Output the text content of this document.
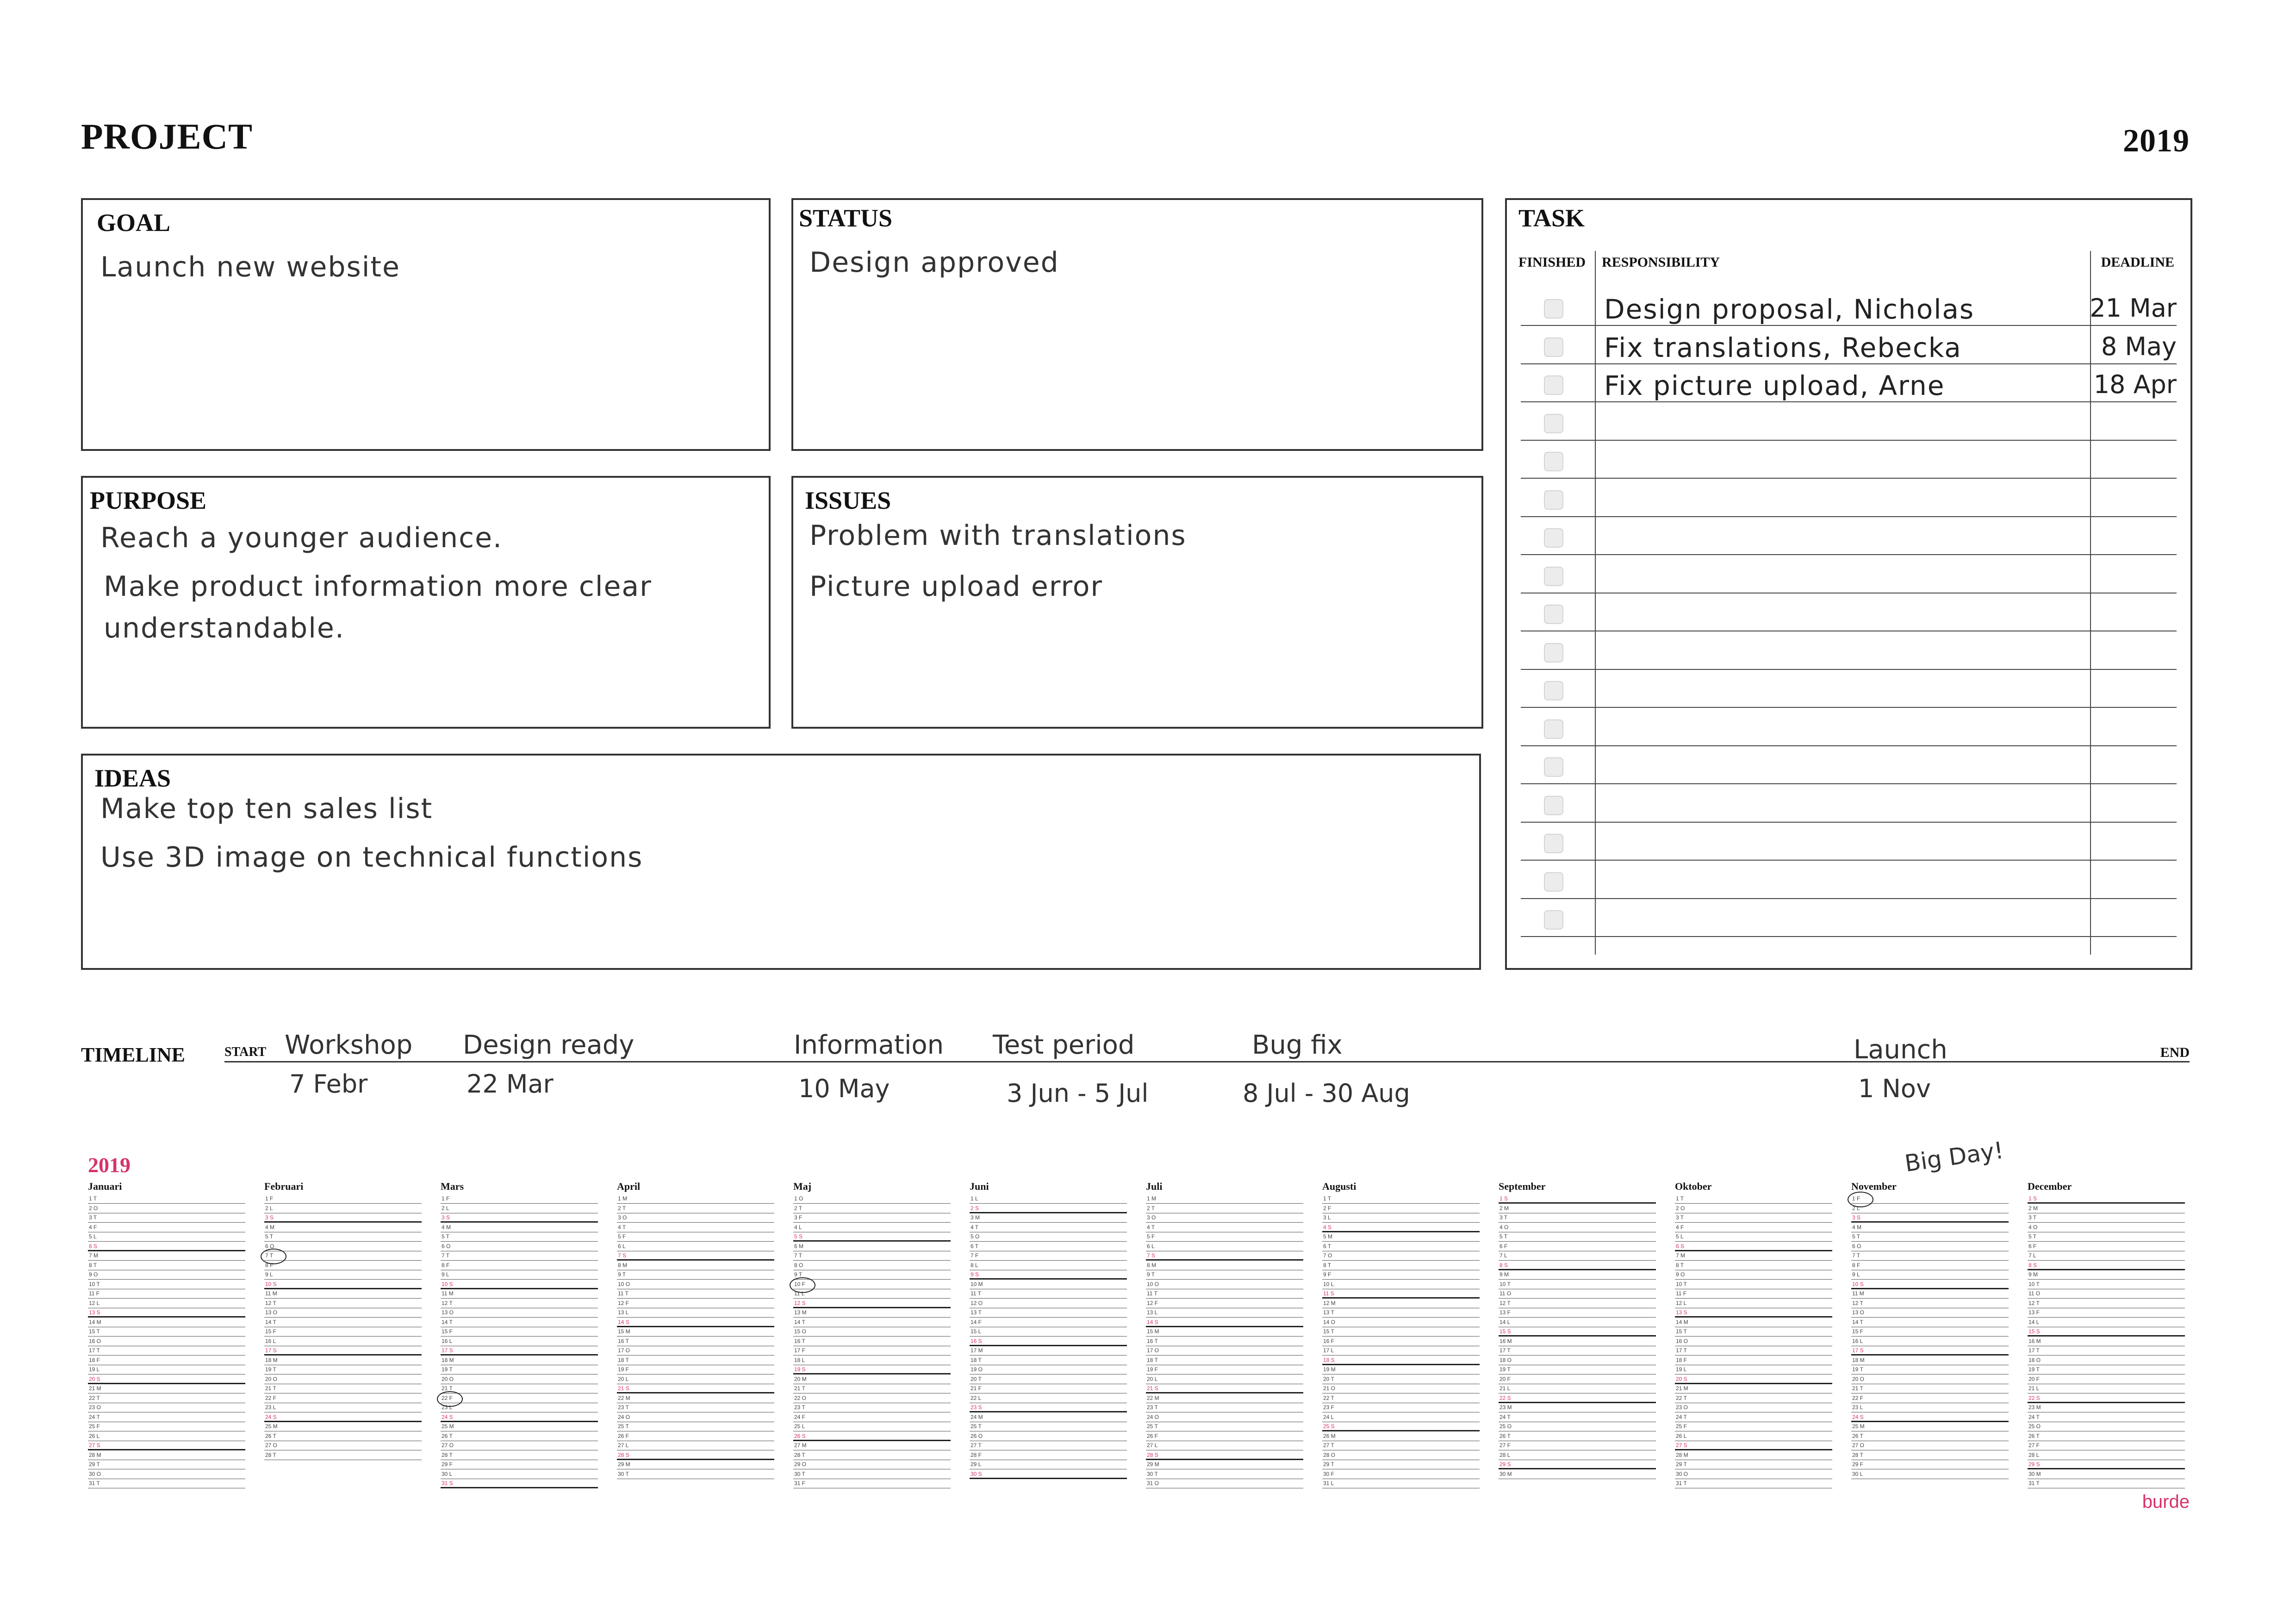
PROJECT	2019
GOAL
Launch new website
STATUS
Design approved
PURPOSE
Reach a younger audience.
Make product information more clear
understandable.
ISSUES
Problem with translations
Picture upload error
IDEAS
Make top ten sales list
Use 3D image on technical functions
TASK
FINISHED RESPONSIBILITY	DEADLINE
Design proposal, Nicholas	21 Mar
Fix translations, Rebecka	8 May
Fix picture upload, Arne	18 Apr
TIMELINE	START	END
Workshop
7 Febr
Design ready
22 Mar
Information
10 May
Test period
3 Jun - 5 Jul
Bug fix
8 Jul - 30 Aug
Launch
1 Nov
2019
Januari
1 T
2 O
3 T
4 F
5 L
6 S
7 M
8 T
9 O
10 T
11 F
12 L
13 S
14 M
15 T
16 O
17 T
18 F
19 L
20 S
21 M
22 T
23 O
24 T
25 F
26 L
27 S
28 M
29 T
30 O
31 T
Februari
1 F
2 L
3 S
4 M
5 T
6 O
7 T
8 F
9 L
10 S
11 M
12 T
13 O
14 T
15 F
16 L
17 S
18 M
19 T
20 O
21 T
22 F
23 L
24 S
25 M
26 T
27 O
28 T
Mars
1 F
2 L
3 S
4 M
5 T
6 O
7 T
8 F
9 L
10 S
11 M
12 T
13 O
14 T
15 F
16 L
17 S
18 M
19 T
20 O
21 T
22 F
23 L
24 S
25 M
26 T
27 O
28 T
29 F
30 L
31 S
April
1 M
2 T
3 O
4 T
5 F
6 L
7 S
8 M
9 T
10 O
11 T
12 F
13 L
14 S
15 M
16 T
17 O
18 T
19 F
20 L
21 S
22 M
23 T
24 O
25 T
26 F
27 L
28 S
29 M
30 T
Maj
1 O
2 T
3 F
4 L
5 S
6 M
7 T
8 O
9 T
10 F
11 L
12 S
13 M
14 T
15 O
16 T
17 F
18 L
19 S
20 M
21 T
22 O
23 T
24 F
25 L
26 S
27 M
28 T
29 O
30 T
31 F
Juni
1 L
2 S
3 M
4 T
5 O
6 T
7 F
8 L
9 S
10 M
11 T
12 O
13 T
14 F
15 L
16 S
17 M
18 T
19 O
20 T
21 F
22 L
23 S
24 M
25 T
26 O
27 T
28 F
29 L
30 S
Juli
1 M
2 T
3 O
4 T
5 F
6 L
7 S
8 M
9 T
10 O
11 T
12 F
13 L
14 S
15 M
16 T
17 O
18 T
19 F
20 L
21 S
22 M
23 T
24 O
25 T
26 F
27 L
28 S
29 M
30 T
31 O
Augusti
1 T
2 F
3 L
4 S
5 M
6 T
7 O
8 T
9 F
10 L
11 S
12 M
13 T
14 O
15 T
16 F
17 L
18 S
19 M
20 T
21 O
22 T
23 F
24 L
25 S
26 M
27 T
28 O
29 T
30 F
31 L
September
1 S
2 M
3 T
4 O
5 T
6 F
7 L
8 S
9 M
10 T
11 O
12 T
13 F
14 L
15 S
16 M
17 T
18 O
19 T
20 F
21 L
22 S
23 M
24 T
25 O
26 T
27 F
28 L
29 S
30 M
Oktober
1 T
2 O
3 T
4 F
5 L
6 S
7 M
8 T
9 O
10 T
11 F
12 L
13 S
14 M
15 T
16 O
17 T
18 F
19 L
20 S
21 M
22 T
23 O
24 T
25 F
26 L
27 S
28 M
29 T
30 O
31 T
November
1 F
2 L
3 S
4 M
5 T
6 O
7 T
8 F
9 L
10 S
11 M
12 T
13 O
14 T
15 F
16 L
17 S
18 M
19 T
20 O
21 T
22 F
23 L
24 S
25 M
26 T
27 O
28 T
29 F
30 L
December
1 S
2 M
3 T
4 O
5 T
6 F
7 L
8 S
9 M
10 T
11 O
12 T
13 F
14 L
15 S
16 M
17 T
18 O
19 T
20 F
21 L
22 S
23 M
24 T
25 O
26 T
27 F
28 L
29 S
30 M
31 T
Big Day!
burde
